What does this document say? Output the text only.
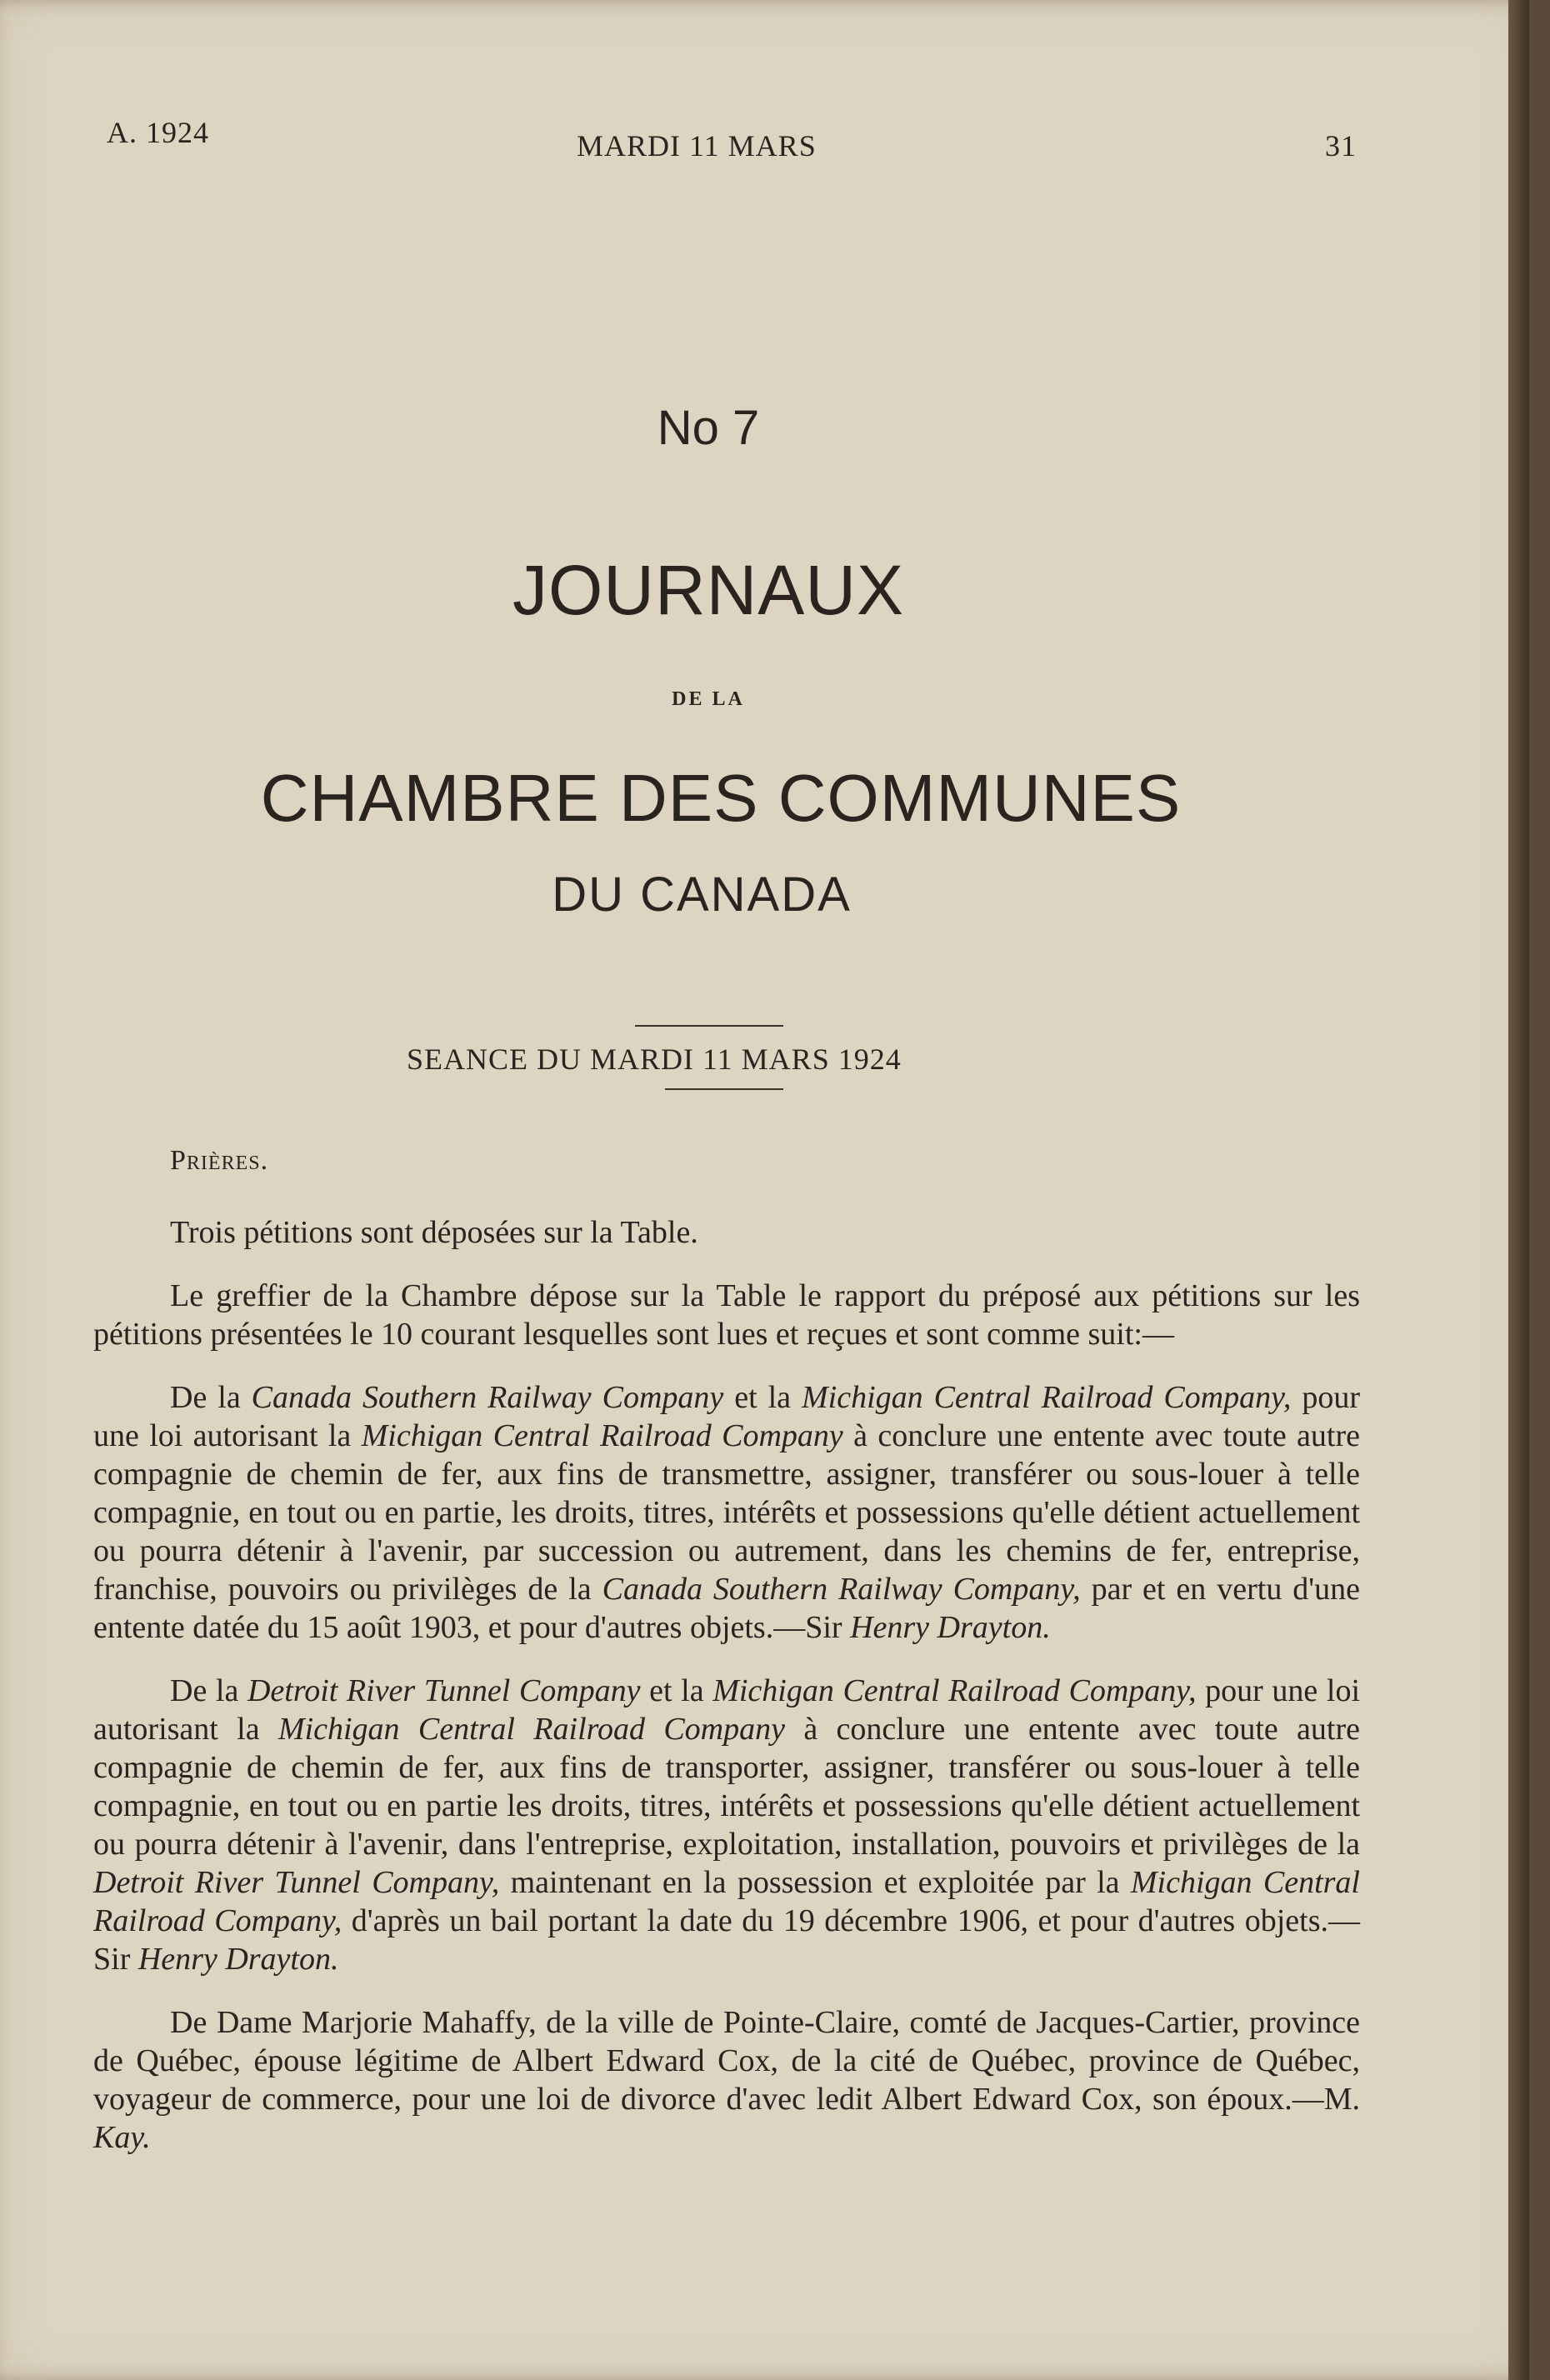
A. 1924	MARDI 11 MARS	31
No 7
JOURNAUX
DE LA
CHAMBRE DES COMMUNES
DU CANADA
SEANCE DU MARDI 11 MARS 1924
Prières.

Trois pétitions sont déposées sur la Table.

Le greffier de la Chambre dépose sur la Table le rapport du préposé aux pétitions sur les pétitions présentées le 10 courant lesquelles sont lues et reçues et sont comme suit:—

De la Canada Southern Railway Company et la Michigan Central Railroad Company, pour une loi autorisant la Michigan Central Railroad Company à conclure une entente avec toute autre compagnie de chemin de fer, aux fins de transmettre, assigner, transférer ou sous-louer à telle compagnie, en tout ou en partie, les droits, titres, intérêts et possessions qu'elle détient actuellement ou pourra détenir à l'avenir, par succession ou autrement, dans les chemins de fer, entreprise, franchise, pouvoirs ou privilèges de la Canada Southern Railway Company, par et en vertu d'une entente datée du 15 août 1903, et pour d'autres objets.—Sir Henry Drayton.

De la Detroit River Tunnel Company et la Michigan Central Railroad Company, pour une loi autorisant la Michigan Central Railroad Company à conclure une entente avec toute autre compagnie de chemin de fer, aux fins de transporter, assigner, transférer ou sous-louer à telle compagnie, en tout ou en partie les droits, titres, intérêts et possessions qu'elle détient actuellement ou pourra détenir à l'avenir, dans l'entreprise, exploitation, installation, pouvoirs et privilèges de la Detroit River Tunnel Company, maintenant en la possession et exploitée par la Michigan Central Railroad Company, d'après un bail portant la date du 19 décembre 1906, et pour d'autres objets.—Sir Henry Drayton.

De Dame Marjorie Mahaffy, de la ville de Pointe-Claire, comté de Jacques-Cartier, province de Québec, épouse légitime de Albert Edward Cox, de la cité de Québec, province de Québec, voyageur de commerce, pour une loi de divorce d'avec ledit Albert Edward Cox, son époux.—M. Kay.
